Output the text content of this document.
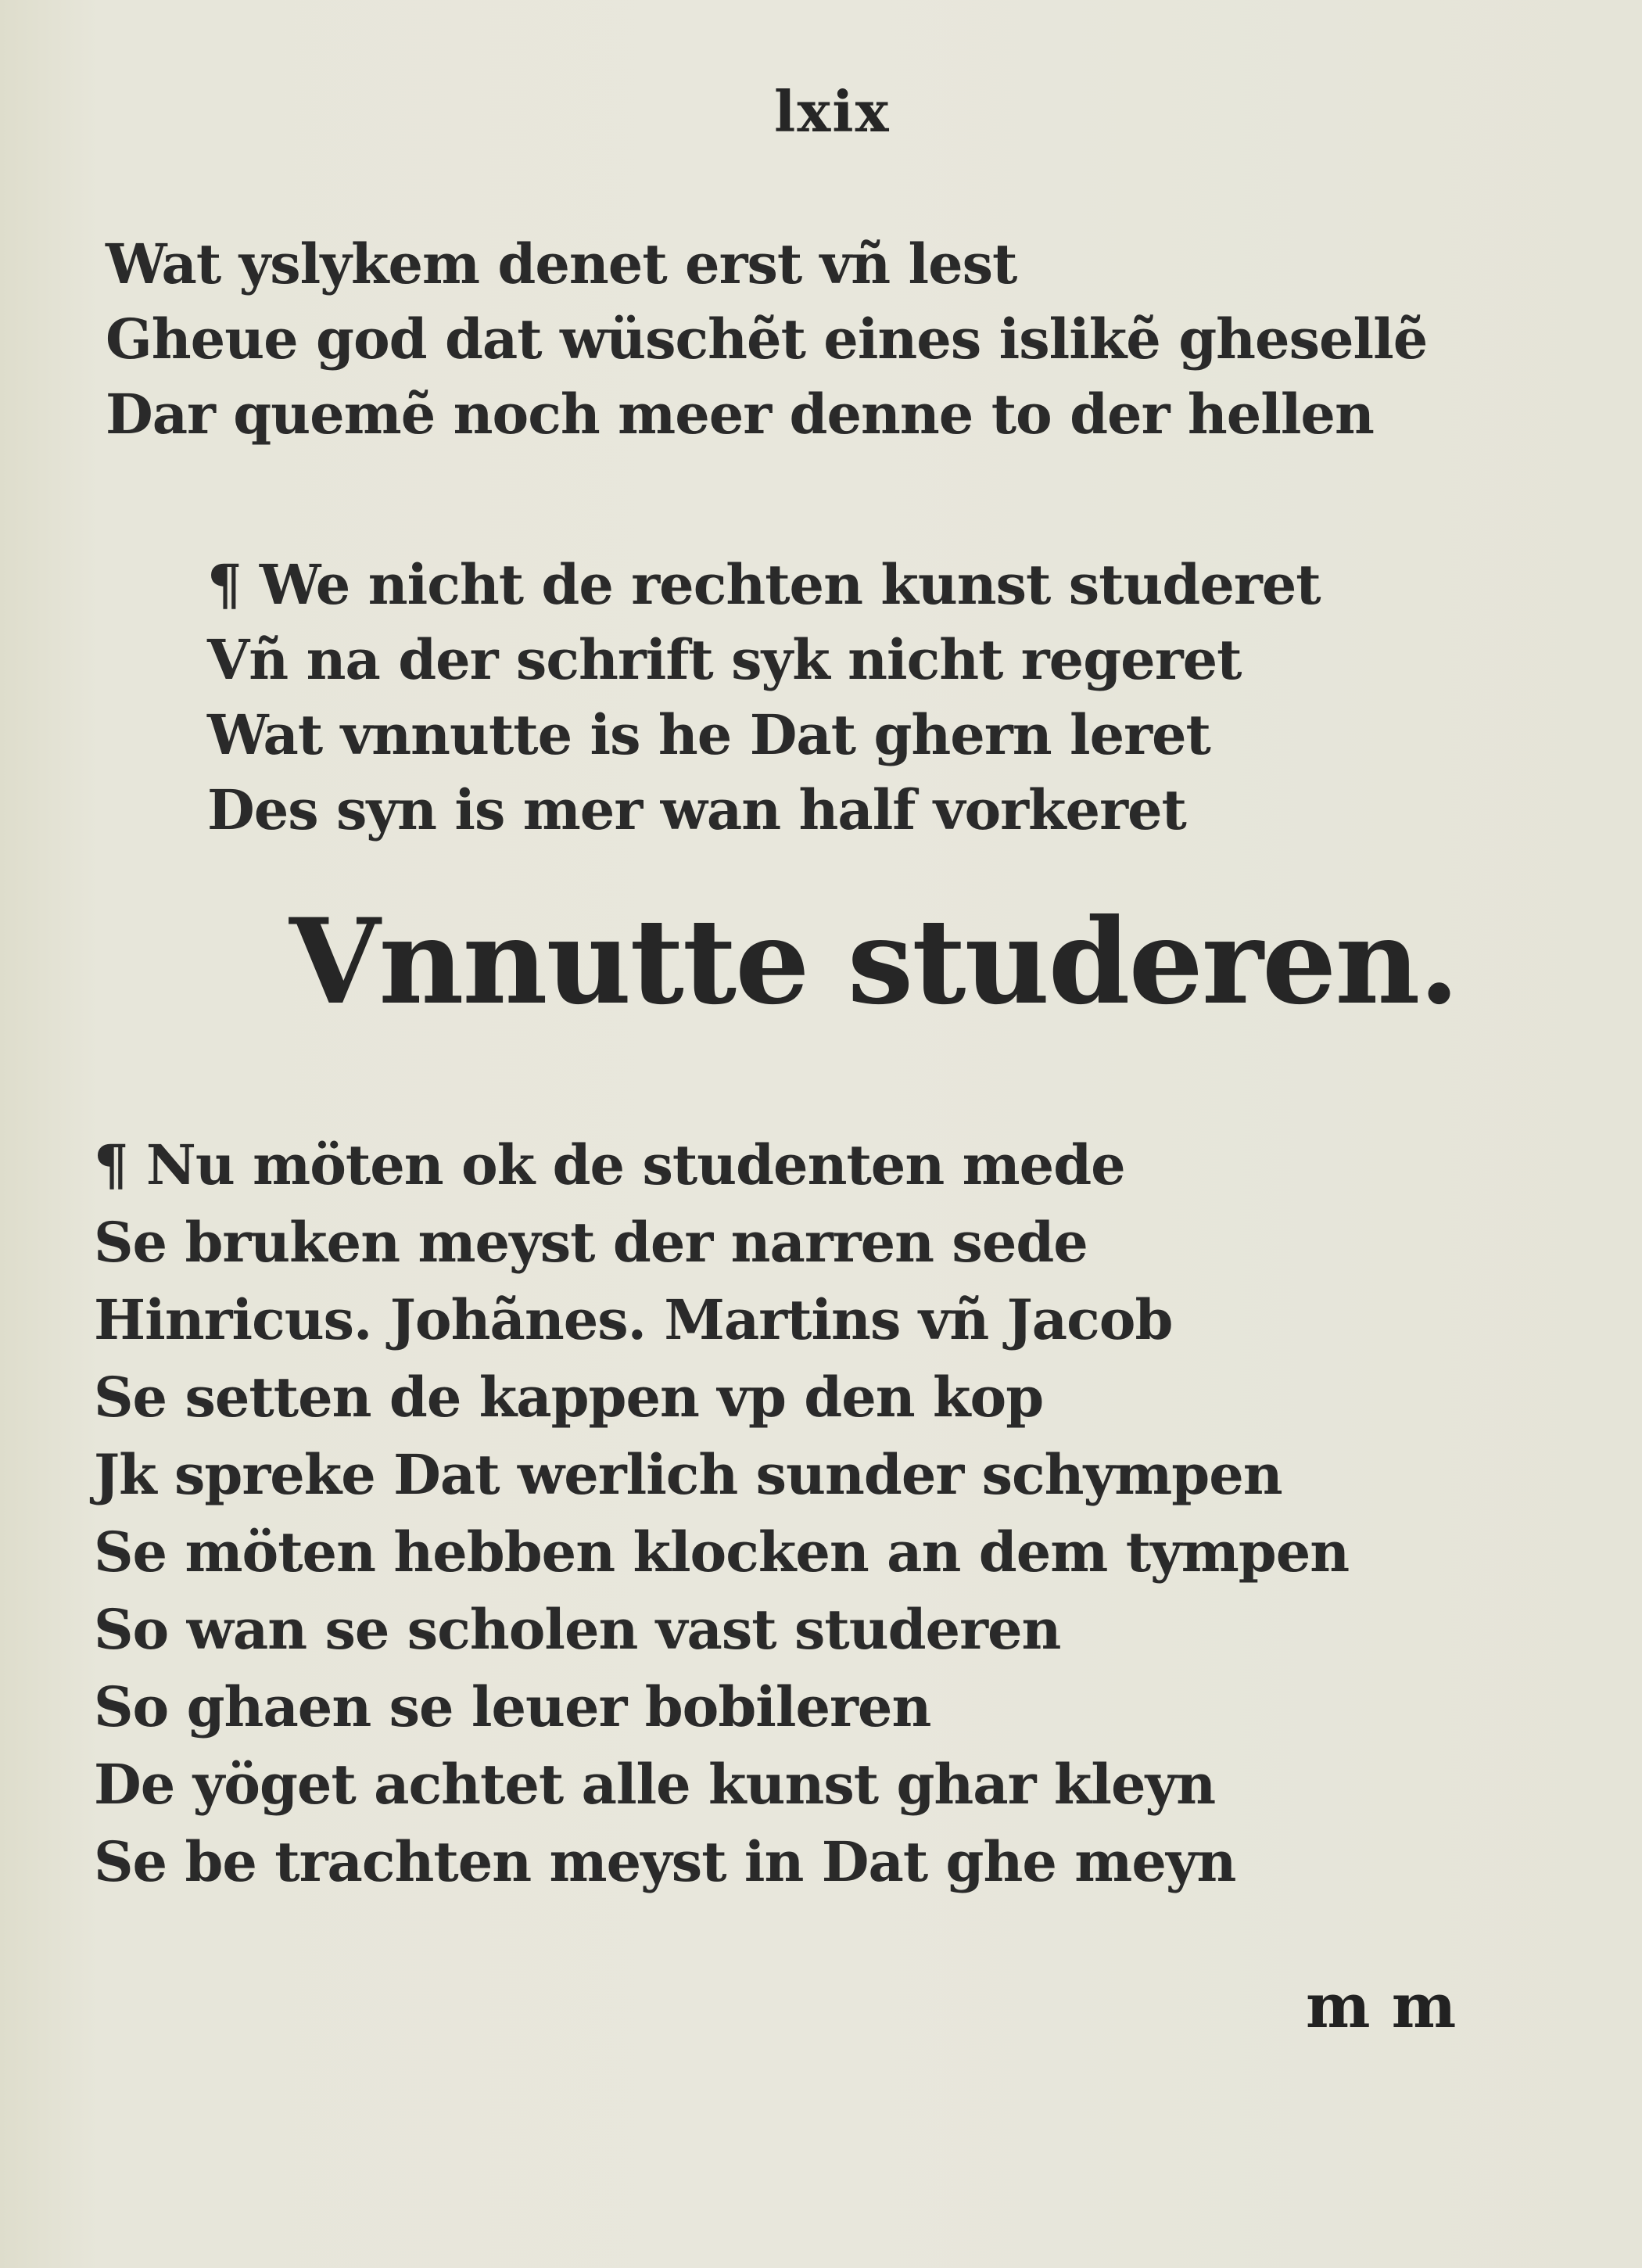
lxix
Wat yslykem denet erst vñ lest
Gheue god dat wüschẽt eines islikẽ ghesellẽ
Dar quemẽ noch meer denne to der hellen
¶ We nicht de rechten kunst studeret
Vñ na der schrift syk nicht regeret
Wat vnnutte is he Dat ghern leret
Des syn is mer wan half vorkeret
Vnnutte studeren.
¶ Nu möten ok de studenten mede
Se bruken meyst der narren sede
Hinricus. Johãnes. Martins vñ Jacob
Se setten de kappen vp den kop
Jk spreke Dat werlich sunder schympen
Se möten hebben klocken an dem tympen
So wan se scholen vast studeren
So ghaen se leuer bobileren
De yöget achtet alle kunst ghar kleyn
Se be trachten meyst in Dat ghe meyn
m m
